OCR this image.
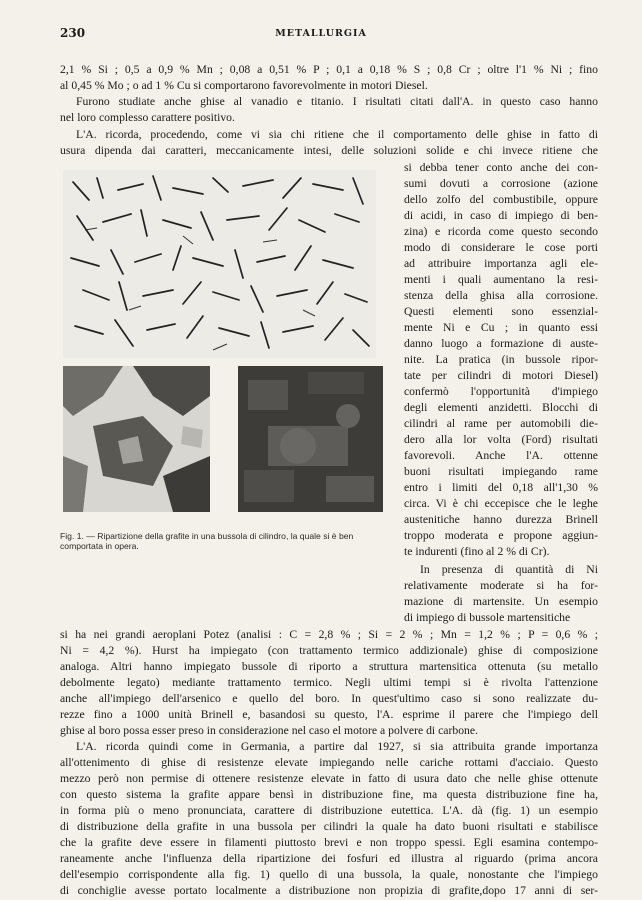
230	METALLURGIA
2,1 % Si ; 0,5 a 0,9 % Mn ; 0,08 a 0,51 % P ; 0,1 a 0,18 % S ; 0,8 Cr ; oltre l'1 % Ni ; fino
al 0,45 % Mo ; o ad 1 % Cu si comportarono favorevolmente in motori Diesel.
Furono studiate anche ghise al vanadio e titanio. I risultati citati dall'A. in questo caso hanno
nel loro complesso carattere positivo.
L'A. ricorda, procedendo, come vi sia chi ritiene che il comportamento delle ghise in fatto di
usura dipenda dai caratteri, meccanicamente intesi, delle soluzioni solide e chi invece ritiene che
si debba tener conto anche dei con-
sumi dovuti a corrosione (azione
dello zolfo del combustibile, oppure
di acidi, in caso di impiego di ben-
zina) e ricorda come questo secondo
modo di considerare le cose porti
ad attribuire importanza agli ele-
menti i quali aumentano la resi-
stenza della ghisa alla corrosione.
Questi elementi sono essenzial-
mente Ni e Cu ; in quanto essi
danno luogo a formazione di auste-
nite. La pratica (in bussole ripor-
tate per cilindri di motori Diesel)
confermò l'opportunità d'impiego
degli elementi anzidetti. Blocchi di
cilindri al rame per automobili die-
dero alla lor volta (Ford) risultati
favorevoli. Anche l'A. ottenne
buoni risultati impiegando rame
entro i limiti del 0,18 all'1,30 %
circa. Vi è chi eccepisce che le leghe
austenitiche hanno durezza Brinell
troppo moderata e propone aggiun-
te indurenti (fino al 2 % di Cr).
In presenza di quantità di Ni
relativamente moderate si ha for-
mazione di martensite. Un esempio
di impiego di bussole martensitiche
Fig. 1. — Ripartizione della grafite in una bussola di cilindro, la quale si è ben comportata in opera.
si ha nei grandi aeroplani Potez (analisi : C = 2,8 % ; Si = 2 % ; Mn = 1,2 % ; P = 0,6 % ;
Ni = 4,2 %). Hurst ha impiegato (con trattamento termico addizionale) ghise di composizione
analoga. Altri hanno impiegato bussole di riporto a struttura martensitica ottenuta (su metallo
debolmente legato) mediante trattamento termico. Negli ultimi tempi si è rivolta l'attenzione
anche all'impiego dell'arsenico e quello del boro. In quest'ultimo caso si sono realizzate du-
rezze fino a 1000 unità Brinell e, basandosi su questo, l'A. esprime il parere che l'impiego dell
ghise al boro possa esser preso in considerazione nel caso el motore a polvere di carbone.
L'A. ricorda quindi come in Germania, a partire dal 1927, si sia attribuita grande importanza
all'ottenimento di ghise di resistenze elevate impiegando nelle cariche rottami d'acciaio. Questo
mezzo però non permise di ottenere resistenze elevate in fatto di usura dato che nelle ghise ottenute
con questo sistema la grafite appare bensì in distribuzione fine, ma questa distribuzione fine ha,
in forma più o meno pronunciata, carattere di distribuzione eutettica. L'A. dà (fig. 1) un esempio
di distribuzione della grafite in una bussola per cilindri la quale ha dato buoni risultati e stabilisce
che la grafite deve essere in filamenti piuttosto brevi e non troppo spessi. Egli esamina contempo-
raneamente anche l'influenza della ripartizione dei fosfuri ed illustra al riguardo (prima ancora
dell'esempio corrispondente alla fig. 1) quello di una bussola, la quale, nonostante che l'impiego
di conchiglie avesse portato localmente a distribuzione non propizia di grafite,dopo 17 anni di ser-
